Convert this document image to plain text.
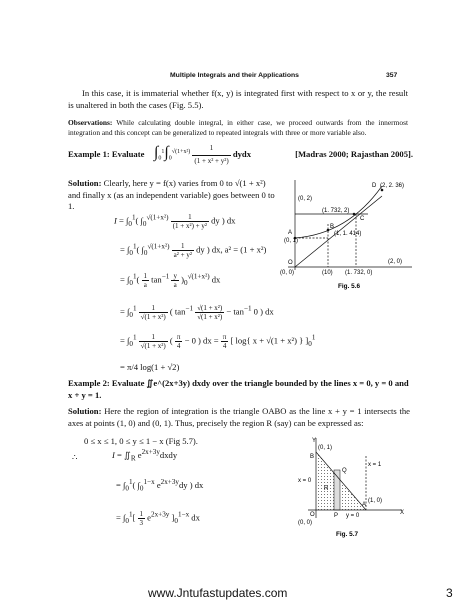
Multiple Integrals and their Applications	357
In this case, it is immaterial whether f(x, y) is integrated first with respect to x or y, the result is unaltered in both the cases (Fig. 5.5).
Observations: While calculating double integral, in either case, we proceed outwards from the innermost integration and this concept can be generalized to repeated integrals with three or more variable also.
Example 1: Evaluate $\int_0^1\int_0^{√(1+x^2)} \frac{1}{\text{(1 + x² + y²)}}$ dydx	[Madras 2000; Rajasthan 2005].
Solution: Clearly, here y = f(x) varies from 0 to √(1 + x²) and finally x (as an independent variable) goes between 0 to 1.
$I = \int_0^1$( $\int_0^{√(1+x^2)} \frac{1}{\text{(1 + x²) + y²}}$ dy ) dx
= $\int_0^1$( $\int_0^{√(1+x^2)} \frac{1}{\text{a² + y²}}$ dy ) dx, a² = (1 + x²)
= $\int_0^1( \frac{1}{a} \tan^{-1} \frac{y}{a} )_0^{√(1+x^2)}$ dx
= $\int_0^1 \frac{1}{\text{√(1 + x²)}}$ ( $\tan^{-1} \frac{\text{√(1 + x²)}}{\text{√(1 + x²)}} - \tan^{-1} 0$ ) dx
= $\int_0^1 \frac{1}{\text{√(1 + x²)}}$ ( $\frac{\pi}{4} - 0$ ) dx = $\frac{\pi}{4}$ [ log{ x + √(1 + x²) } ]$_0^1$
= π/4 log(1 + √2)
D (2, 2. 36)
(0, 2)
(1. 732, 2)
C
A
(0, 1)
B
(1, 1. 414)
O
(0, 0)	(10) (1. 732, 0)
(2, 0)
Fig. 5.6
Example 2: Evaluate ∬e^(2x+3y) dxdy over the triangle bounded by the lines x = 0, y = 0 and x + y = 1.
Solution: Here the region of integration is the triangle OABO as the line x + y = 1 intersects the axes at points (1, 0) and (0, 1). Thus, precisely the region R (say) can be expressed as:
0 ≤ x ≤ 1, 0 ≤ y ≤ 1 − x (Fig 5.7).
∴	$I = ∬_R$ $e^{2x+3y}dxdy$
= $\int_0^1$( $\int_0^{1-x}$ $e^{2x+3y}dy$ ) dx
= $\int_0^1[ \frac{1}{3} e^{2x+3y}$ ]$_0^{1-x}$ dx
Y
B
(0, 1)
Q
x = 1
x = 0
R
A
(1, 0)
O
(0, 0)
P y = 0	X
Fig. 5.7
www.Jntufastupdates.com	3
